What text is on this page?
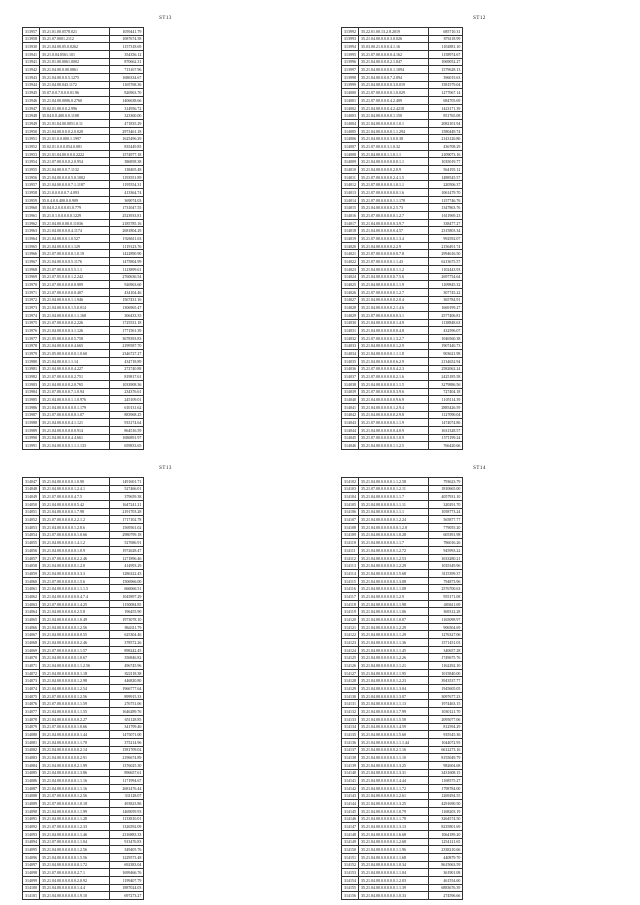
ST13
313957	35.21.01.00.0578.021	1059441.79
313958	35.21.07.0001.2112	1087674.58
313930	35.21.04.00.05.0.0262	1157318.69
313941	35.21.0.04.0561.101	354356.12
313941	35.21.01.00.0061.0002	870662.31
313942	35.21.04.00.0.00.0861	713167.96
313943	35.21.04.00.0.0.5.1275	1686334.67
313944	35.21.04.00.043.1172	1165768.36
313945	35.07.0.0.7.0.0.0.01.96	826963.70
313946	35.21.04.00.0006.0.2760	1406638.66
313947	35.02.01.00.0.0.2.996	314956.72
313948	35.04.0.0.400.0.0.1108	323360.00
313949	35.21.01.04.00.0051.0.11	471835.29
313950	35.21.04.00.0.0.0.2.0.020	2973461.18
313951	35.21.01.0.0.000.1.1997	1625496.29
313952	35.02.01.0.0.0.054.0.081	835449.85
313953	35.21.01.04.00.0.0.0.2222	1574977.18
313954	35.21.07.00.0.0.0.2.0.954	386858.38
313955	35.21.04.00.0.0.7.1132	138405.48
313956	35.21.04.00.0.0.0.5.0.1002	1193551.89
313957	35.21.04.00.0.0.0.7.1.1187	1195554.31
313958	35.21.0.0.0.0.0.7.4.093	413364.74
313959	35.0.4.0.0.400.0.0.909	369074.03
313960	35.04.0.2.0.0.0.01.0.779	1731047.55
313961	35.21.0.1.0.0.0.0.0.1229	2523933.81
313962	35.21.04.00.0.00.0.11036	2185785.16
313963	35.21.04.00.0.0.0.4.1174	2681804.29
313964	35.21.04.00.0.0.1.0.527	1926611.63
313965	35.21.04.00.0.0.0.1.129	1119123.76
313966	35.21.07.00.0.0.0.0.1.0.19	1422890.90
313967	35.21.04.00.0.0.0.5.1176	1475804.99
313968	35.21.07.00.0.0.0.5.5.1.1	1123899.61
313969	35.21.07.05.0.0.0.1.2.242	2760636.54
313970	35.21.07.00.0.0.0.0.0.909	926963.60
313971	35.21.07.00.0.0.0.0.0.407	434104.46
313972	35.21.04.00.0.0.0.1.1.946	1567431.16
313973	35.21.04.00.0.0.0.1.5.0.014	1306965.47
313974	35.21.04.00.0.0.0.0.1.1.168	306433.35
313975	35.21.07.00.0.0.0.0.2.226	1725531.18
313976	35.21.04.00.0.0.0.3.1.126	1771561.39
313977	35.21.05.00.0.0.0.0.5.758	3678393.83
313978	35.21.04.00.0.0.0.0.4.665	2199587.70
313979	35.21.05.00.0.0.0.0.0.1.0.60	2346727.27
313980	35.21.04.00.0.0.1.1.14	434718.89
313981	35.21.04.00.0.0.0.0.4.227	272740.88
313982	35.21.07.00.0.0.0.0.2.751	819817.61
313983	35.21.04.00.0.0.0.2.0.765	1033908.36
313984	35.21.07.00.0.0.0.7.1.0.94	234376.61
313985	35.21.04.00.0.0.0.1.1.0.976	245109.01
313986	35.21.04.00.0.0.0.0.0.1.179	610131.62
313987	35.21.07.00.0.0.0.0.0.1.07	883968.25
313988	35.21.04.00.0.0.0.4.1.121	933174.64
313989	35.21.04.00.0.0.0.0.0.914	864516.59
313990	35.21.04.00.0.0.0.4.4.661	1686891.97
313991	35.21.04.00.0.0.0.1.1.1.133	659833.65
ST12
313992	35.22.01.00.13.2.8.2019	685710.31
313993	35.21.04.00.0.0.0.3.0.026	876118.99
313994	35.03.00.21.0.0.0.4.1.16	1102881.10
313995	35.21.07.00.0.0.0.0.4.162	1158974.67
313996	35.21.04.00.0.0.0.2.1.047	1069052.27
313997	35.21.04.00.0.0.0.0.1.1094	1579628.13
313998	35.21.04.00.0.0.0.7.2.094	396015.63
313999	35.21.04.00.0.0.0.0.3.0.019	1581579.04
314000	35.21.07.00.0.0.0.0.1.0.029	1277067.14
314001	35.21.07.00.0.0.0.4.2.409	684705.69
314002	35.21.04.00.0.0.0.4.2.4218	1423171.39
314003	35.21.04.00.0.0.0.0.1.150	851765.08
314004	35.21.04.00.0.0.0.0.0.1.0.1	2082101.94
314005	35.21.04.00.0.0.0.0.1.1.294	1580449.74
314006	35.21.04.00.0.0.0.3.0.0.38	2143126.86
314007	35.21.07.00.0.0.3.1.0.32	436708.29
314008	35.21.04.00.0.0.1.1.0.1.1	2109073.16
314009	35.21.04.00.0.0.0.0.0.0.1.1	1035019.77
314010	35.21.04.00.0.0.0.0.2.0.9	564195.12
314011	35.21.07.00.0.0.0.0.2.4.1.5	1488545.57
314012	35.21.07.00.0.0.0.0.1.0.1.1	220506.37
314013	35.21.07.00.0.0.0.0.0.0.1.6	1061479.70
314014	35.21.07.00.0.0.0.0.1.1.178	1157746.76
314015	35.21.04.00.0.0.0.0.2.5.73	1347863.76
314016	35.21.07.00.0.0.0.0.0.1.2.7	1611969.23
314017	35.21.04.00.0.0.0.0.0.3.9.7	338477.27
314018	35.21.04.00.0.0.0.0.0.4.57	2315803.34
314019	35.21.07.00.0.0.0.0.0.1.3.4	992592.07
314020	35.21.04.00.0.0.0.0.2.2.9	2156491.74
314021	35.21.07.00.0.0.0.0.0.0.7.8	2994616.50
314022	35.21.07.00.0.0.0.0.1.1.43	6213675.57
314023	35.21.04.00.0.0.0.0.0.1.1.2	1102443.93
314024	35.21.04.00.0.0.0.0.0.7.5.6	2697754.64
314025	35.21.04.00.0.0.0.0.0.1.1.9	1109845.32
314026	35.21.07.00.0.0.0.0.0.1.2.7	307745.22
314027	35.21.04.00.0.0.0.0.0.2.0.4	365784.91
314028	35.21.04.00.0.0.0.0.2.1.4.6	1669199.27
314029	35.21.07.00.0.0.0.0.0.0.3.1	2577406.81
314030	35.21.04.00.0.0.0.0.0.1.4.9	1138848.63
314031	35.21.04.00.0.0.0.0.0.0.4.8	432596.07
314032	35.21.07.00.0.0.0.0.1.3.2.7	1046560.38
314033	35.21.04.00.0.0.0.0.0.1.2.9	1907440.73
314034	35.21.04.00.0.0.0.0.1.1.1.8	903621.98
314035	35.21.04.00.0.0.0.0.0.6.2.9	2134652.94
314036	35.21.07.00.0.0.0.0.0.4.2.3	2582062.24
314037	35.21.07.00.0.0.0.0.0.2.1.6	2425185.58
314038	35.21.04.00.0.0.0.0.0.1.1.5	3279886.56
314039	35.21.07.00.0.0.0.0.0.3.9.6	727404.18
314040	35.21.04.00.0.0.0.0.0.9.6.9	1105114.39
314041	35.21.04.00.0.0.0.0.1.2.9.4	2885426.59
314042	35.21.04.00.0.0.0.0.0.2.9.8	1127090.04
314043	35.21.07.00.0.0.0.0.0.1.1.9	1474074.86
314044	35.21.04.00.0.0.0.0.0.4.0.9	1631328.57
314045	35.21.07.00.0.0.0.0.0.1.0.9	1571199.24
314046	35.21.04.00.0.0.0.0.1.1.2.5	766420.66
ST13
314047	35.21.04.00.0.0.0.0.1.0.90	1491601.71
314048	35.21.04.00.0.0.0.0.1.2.4.1	527466.01
314049	35.21.07.00.0.0.0.0.4.7.5	379659.38
314050	35.21.04.00.0.0.0.0.0.5.42	1647241.21
314051	35.21.04.00.0.0.0.0.1.7.98	2191703.28
314052	35.21.07.00.0.0.0.0.2.2.1.2	1717102.78
314053	35.21.04.00.0.0.0.0.1.2.8.6	1569561.02
314054	35.21.07.00.0.0.0.0.0.1.0.66	2980799.18
314055	35.21.04.00.0.0.0.0.1.4.1.2	527686.91
314056	35.21.04.00.0.0.0.0.0.1.0.9	1972628.47
314057	35.21.07.00.0.0.0.0.0.2.2.46	1271896.46
314058	35.21.04.00.0.0.0.0.0.1.2.0	414993.29
314059	35.21.04.00.0.0.0.0.0.3.3.3	1286322.45
314060	35.21.07.00.0.0.0.0.0.1.5.6	1506966.00
314061	35.21.04.00.0.0.0.0.0.1.1.1.5	666066.51
314062	35.21.04.00.0.0.0.0.0.0.4.7.4	1045897.29
314063	35.21.07.00.0.0.0.0.0.1.4.25	1150084.85
314064	35.21.04.00.0.0.0.0.0.2.5.8	196455.90
314065	35.21.04.00.0.0.0.0.0.1.0.49	1973078.10
314066	35.21.04.00.0.0.0.0.0.1.2.56	864311.79
314067	35.21.04.00.0.0.0.0.0.0.0.55	625304.46
314068	35.21.04.00.0.0.0.0.0.0.2.46	378572.26
314069	35.21.07.00.0.0.0.0.0.1.1.57	898242.45
314070	35.21.04.00.0.0.0.0.0.1.0.67	356846.82
314071	35.21.04.00.0.0.0.0.0.1.1.2.56	496745.96
314072	35.21.04.00.0.0.0.0.0.0.1.18	822118.38
314073	35.21.04.00.0.0.0.0.0.1.2.98	446820.80
314074	35.21.04.00.0.0.0.0.0.1.2.54	1966777.64
314075	35.21.07.00.0.0.0.0.0.1.2.56	899915.33
314076	35.21.07.00.0.0.0.0.0.1.1.59	276751.06
314077	35.21.04.00.0.0.0.0.0.1.1.55	1646289.76
314078	35.21.04.00.0.0.0.0.0.0.2.27	651128.85
314079	35.21.07.00.0.0.0.0.0.1.0.66	341799.46
314080	35.21.04.00.0.0.0.0.0.0.1.44	1475071.00
314081	35.21.04.00.0.0.0.0.0.1.1.70	375214.96
314082	35.21.04.00.0.0.0.0.0.0.2.14	1581709.02
314083	35.21.04.00.0.0.0.0.0.0.2.91	2196674.89
314084	35.21.04.00.0.0.0.0.0.2.1.99	1376025.30
314085	35.21.04.00.0.0.0.0.0.1.3.86	896657.61
314086	35.21.04.00.0.0.0.0.0.1.1.16	1171994.67
314087	35.21.04.00.0.0.0.0.0.1.1.16	2681476.44
314088	35.21.07.00.0.0.0.0.0.1.2.56	331128.07
314089	35.21.07.00.0.0.0.0.0.1.0.18	493823.86
314090	35.21.04.00.0.0.0.0.0.1.1.99	1469059.93
314091	35.21.04.00.0.0.0.0.0.1.1.28	1133810.01
314092	35.21.07.00.0.0.0.0.0.1.2.33	1326592.09
314093	35.21.04.00.0.0.0.0.0.1.1.46	2316883.33
314094	35.21.07.00.0.0.0.0.0.1.1.04	913476.83
314095	35.21.04.00.0.0.0.0.0.1.2.56	349405.76
314096	35.21.04.00.0.0.0.0.0.1.5.56	1229573.48
314097	35.21.04.00.0.0.0.0.0.0.1.72	692383.04
314098	35.21.07.00.0.0.0.0.0.2.7.1	1699466.76
314099	35.21.04.00.0.0.0.0.0.2.0.92	1199407.79
314100	35.21.04.00.0.0.0.0.0.1.4.4	1887024.03
314101	35.21.04.00.0.0.0.0.0.1.9.10	697273.27
ST14
314102	35.21.04.00.0.0.0.0.1.1.2.58	793623.79
314103	35.21.07.00.0.0.0.0.0.1.2.11	1810665.00
314104	35.21.04.00.0.0.0.0.0.1.1.7	4057931.10
314105	35.21.04.00.0.0.0.0.0.1.1.11	320291.70
314106	35.21.04.00.0.0.0.0.0.1.1.1	1058773.24
314107	35.21.04.00.0.0.0.0.0.1.2.24	565877.77
314108	35.21.04.00.0.0.0.0.0.0.1.2.8	779055.20
314109	35.21.04.00.0.0.0.0.0.1.0.28	605391.98
314110	35.21.04.00.0.0.0.0.0.1.1.7	786016.26
314111	35.21.04.00.0.0.0.0.0.1.2.72	945993.22
314112	35.21.04.00.0.0.0.0.0.1.2.53	1633280.21
314113	35.21.04.00.0.0.0.0.0.1.2.29	1035349.96
314114	35.21.04.00.0.0.0.0.0.1.5.68	3115399.37
314115	35.21.04.00.0.0.0.0.0.1.3.08	794873.96
314116	35.21.04.00.0.0.0.0.0.1.1.08	2576700.63
314117	35.21.04.00.0.0.0.0.0.1.2.9	955171.08
314118	35.21.04.00.0.0.0.0.0.1.1.98	483611.69
314119	35.21.04.00.0.0.0.0.0.1.1.06	369312.28
314120	35.21.04.00.0.0.0.0.0.1.0.07	1165098.97
314121	35.21.04.00.0.0.0.0.0.1.2.29	906504.69
314122	35.21.04.00.0.0.0.0.0.1.1.29	1276327.06
314123	35.21.04.00.0.0.0.0.0.1.1.36	1571451.03
314124	35.21.04.00.0.0.0.0.0.1.1.45	340657.28
314125	35.21.04.00.0.0.0.0.0.1.2.26	1749675.76
314126	35.21.04.00.0.0.0.0.0.1.1.21	1162292.10
314127	35.21.04.00.0.0.0.0.0.1.1.95	1015840.00
314128	35.21.04.00.0.0.0.0.0.1.2.23	3943537.77
314129	35.21.04.00.0.0.0.0.0.1.3.04	1945605.05
314130	35.21.04.00.0.0.0.0.0.1.3.07	3097677.23
314131	35.21.04.00.0.0.0.0.0.1.1.13	1974463.15
314132	35.21.04.00.0.0.0.0.0.1.7.99	1030121.70
314133	35.21.04.00.0.0.0.0.0.1.5.58	2095077.06
314134	35.21.04.00.0.0.0.0.0.1.4.59	812594.29
314135	35.21.04.00.0.0.0.0.0.1.5.60	935545.36
314136	35.21.04.00.0.0.0.0.0.1.1.1.44	1044072.95
314137	35.21.04.00.0.0.0.0.0.2.1.16	6612273.16
314138	35.21.04.00.0.0.0.0.0.1.1.10	8155049.79
314139	35.21.04.00.0.0.0.0.0.1.3.25	982604.68
314140	35.21.04.00.0.0.0.0.0.1.3.31	3431608.15
314141	35.21.04.00.0.0.0.0.0.1.4.44	1168575.27
314142	35.21.04.00.0.0.0.0.0.1.1.72	1798784.00
314143	35.21.04.00.0.0.0.0.0.1.2.61	1269294.55
314144	35.21.04.00.0.0.0.0.0.1.3.25	4291690.50
314145	35.21.04.00.0.0.0.0.0.1.0.79	1168203.19
314146	35.21.04.00.0.0.0.0.0.1.1.78	3264574.50
314147	35.21.04.00.0.0.0.0.0.1.3.13	8235801.69
314148	35.21.04.00.0.0.0.0.0.1.6.68	1064189.20
314149	35.21.04.00.0.0.0.0.0.1.2.68	1254121.65
314150	35.21.04.00.0.0.0.0.0.1.1.96	2338210.66
314151	35.21.04.00.0.0.0.0.0.1.1.68	440879.70
314152	35.21.04.00.0.0.0.0.0.1.0.34	8615063.59
314153	35.21.04.00.0.0.0.0.0.1.1.04	361901.08
314154	35.21.04.00.0.0.0.0.0.1.2.03	461554.60
314155	35.21.04.00.0.0.0.0.0.1.1.39	6883676.39
314156	35.21.04.00.0.0.0.0.0.1.0.33	274596.66
